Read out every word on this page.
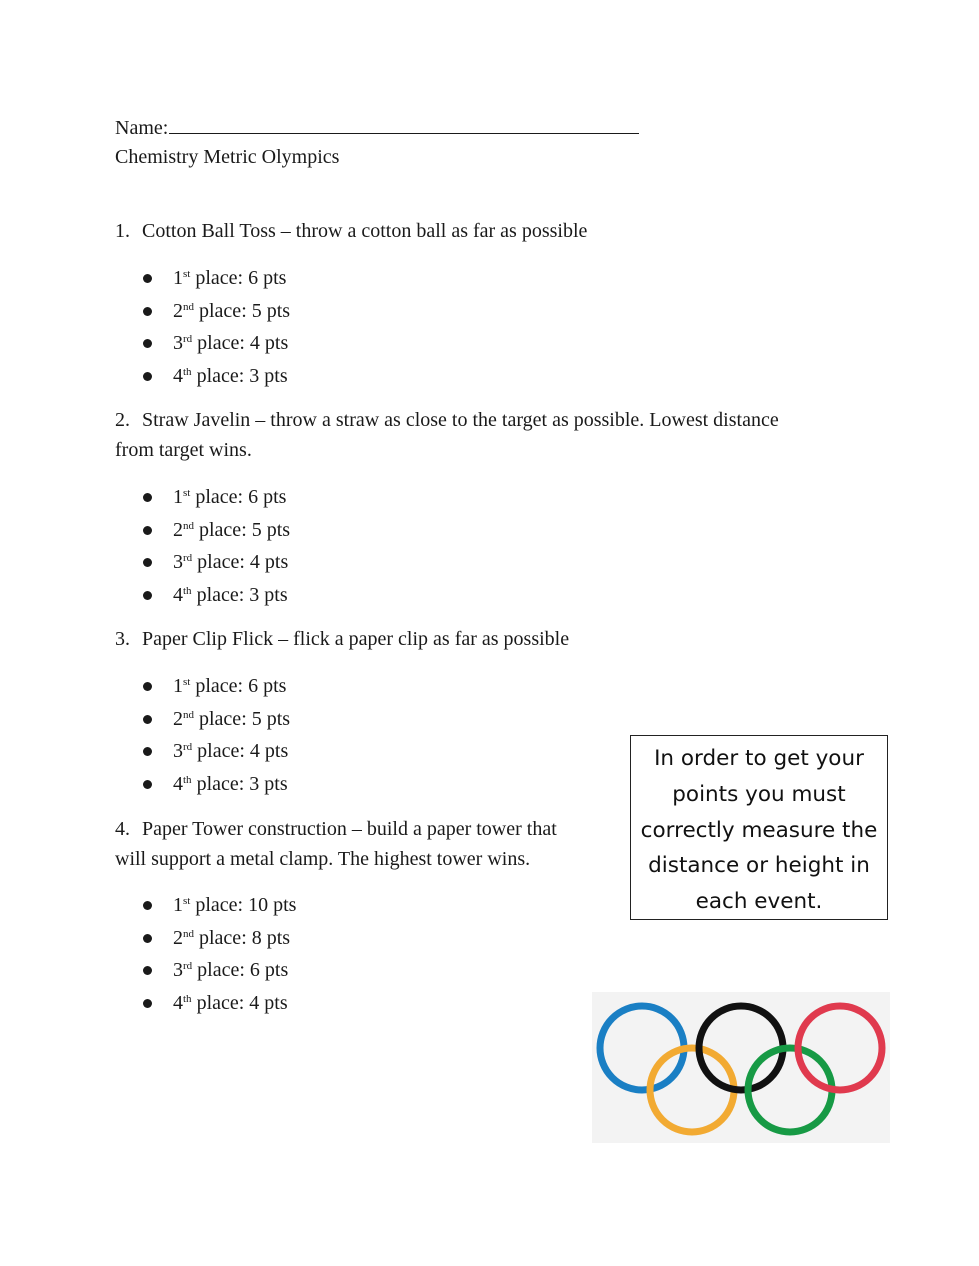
Name:
Chemistry Metric Olympics
1. Cotton Ball Toss – throw a cotton ball as far as possible
1st place: 6 pts
2nd place: 5 pts
3rd place: 4 pts
4th place: 3 pts
2. Straw Javelin – throw a straw as close to the target as possible. Lowest distance
from target wins.
1st place: 6 pts
2nd place: 5 pts
3rd place: 4 pts
4th place: 3 pts
3. Paper Clip Flick – flick a paper clip as far as possible
1st place: 6 pts
2nd place: 5 pts
3rd place: 4 pts
4th place: 3 pts
4. Paper Tower construction – build a paper tower that
will support a metal clamp. The highest tower wins.
1st place: 10 pts
2nd place: 8 pts
3rd place: 6 pts
4th place: 4 pts
In order to get your
points you must
correctly measure the
distance or height in
each event.
